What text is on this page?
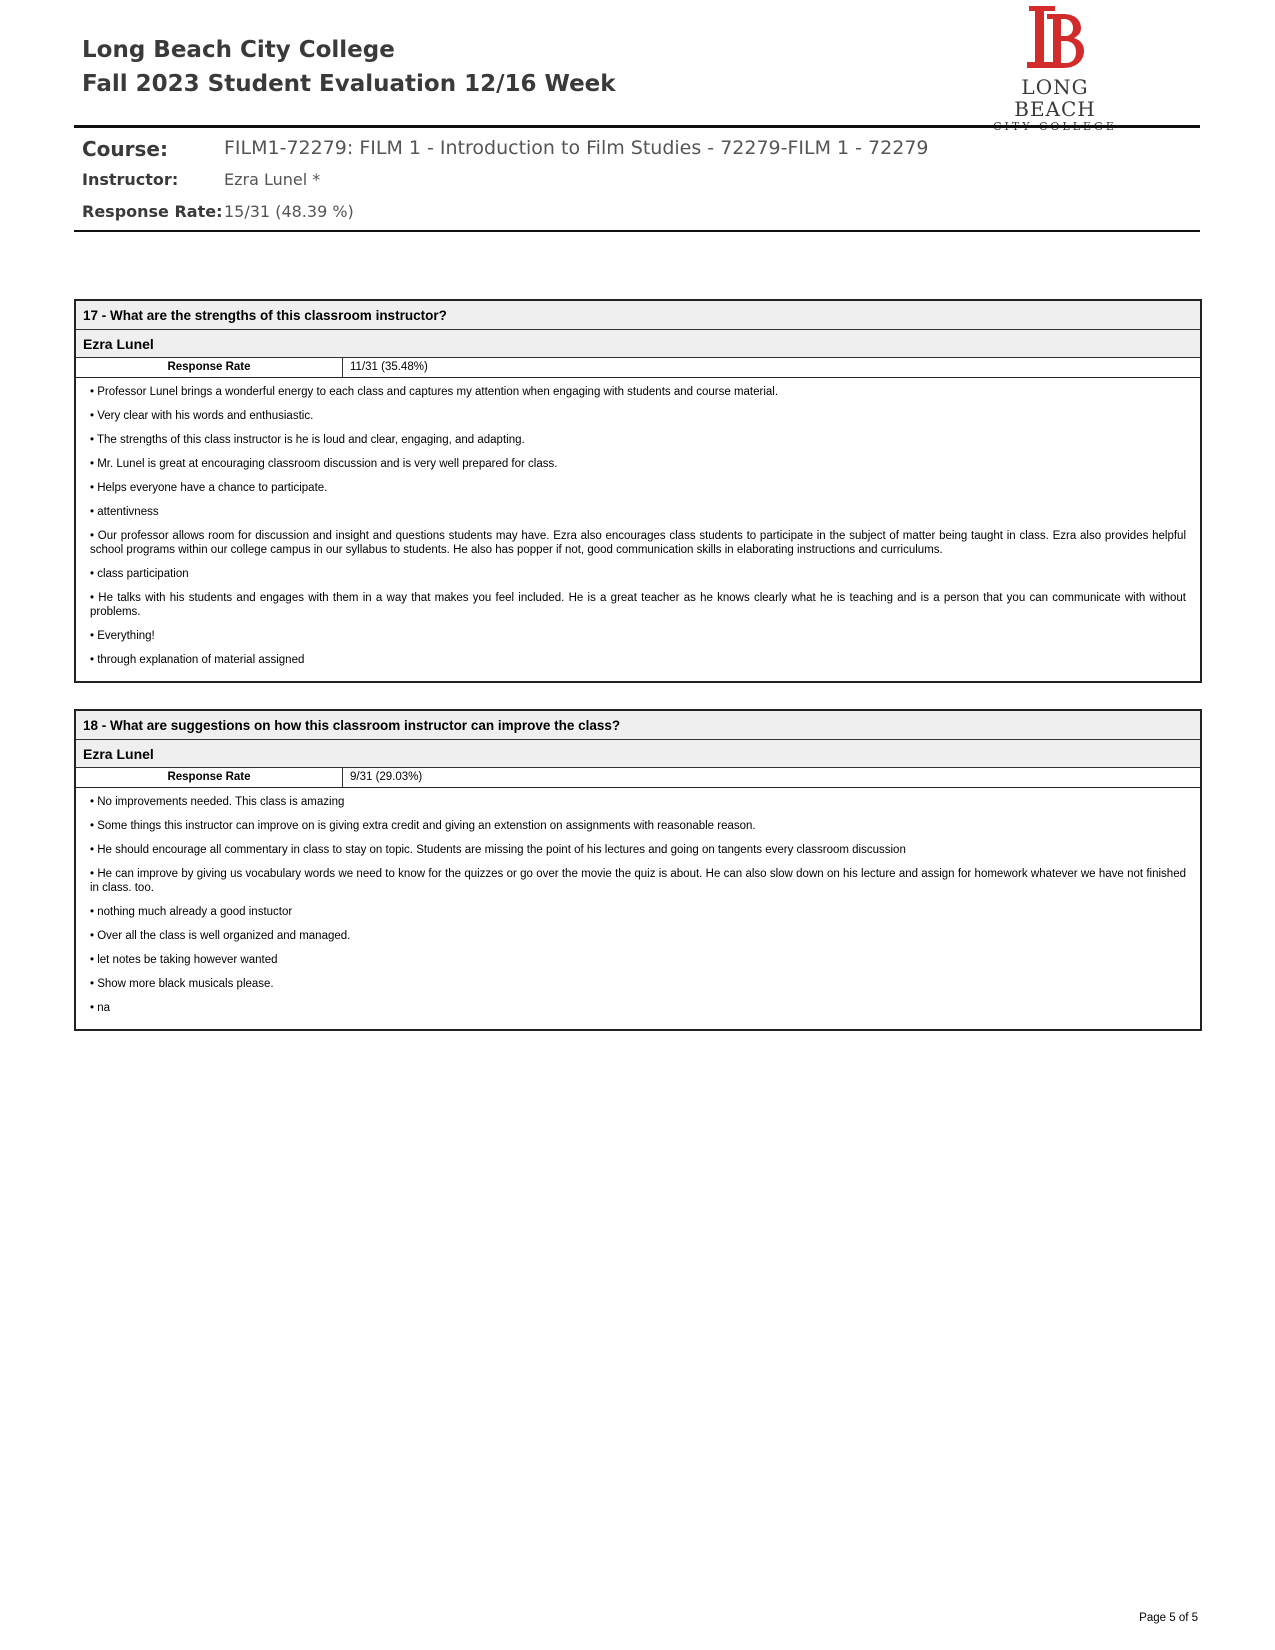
Long Beach City College
Fall 2023 Student Evaluation 12/16 Week	LONG BEACH
Course:	FILM1-72279: FILM 1 - Introduction to Film Studies - 72279-FILM 1 - 72279
Instructor:	Ezra Lunel *
Response Rate: 15/31 (48.39 %)
17 - What are the strengths of this classroom instructor?
Ezra Lunel
Response Rate	11/31 (35.48%)
• Professor Lunel brings a wonderful energy to each class and captures my attention when engaging with students and course material.
• Very clear with his words and enthusiastic.
• The strengths of this class instructor is he is loud and clear, engaging, and adapting.
• Mr. Lunel is great at encouraging classroom discussion and is very well prepared for class.
• Helps everyone have a chance to participate.
• attentivness
• Our professor allows room for discussion and insight and questions students may have. Ezra also encourages class students to participate in the subject of matter being taught in class. Ezra also provides helpful school programs within our college campus in our syllabus to students. He also has popper if not, good communication skills in elaborating instructions and curriculums.
• class participation
• He talks with his students and engages with them in a way that makes you feel included. He is a great teacher as he knows clearly what he is teaching and is a person that you can communicate with without problems.
• Everything!
• through explanation of material assigned
18 - What are suggestions on how this classroom instructor can improve the class?
Ezra Lunel
Response Rate	9/31 (29.03%)
• No improvements needed. This class is amazing
• Some things this instructor can improve on is giving extra credit and giving an extenstion on assignments with reasonable reason.
• He should encourage all commentary in class to stay on topic. Students are missing the point of his lectures and going on tangents every classroom discussion
• He can improve by giving us vocabulary words we need to know for the quizzes or go over the movie the quiz is about. He can also slow down on his lecture and assign for homework whatever we have not finished in class. too.
• nothing much already a good instuctor
• Over all the class is well organized and managed.
• let notes be taking however wanted
• Show more black musicals please.
• na
Page 5 of 5
